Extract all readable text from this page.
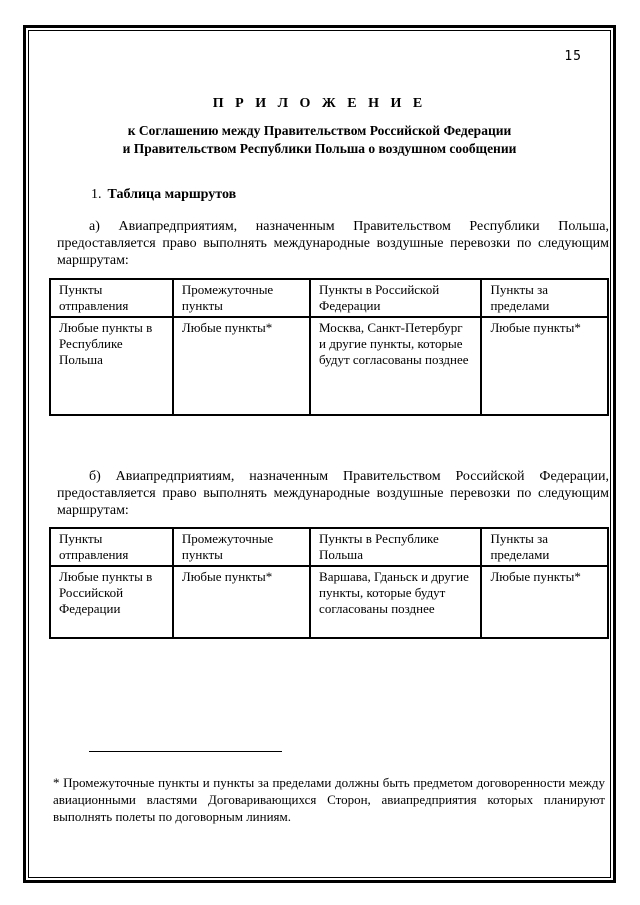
15
П Р И Л О Ж Е Н И Е
к Соглашению между Правительством Российской Федерации
и Правительством Республики Польша о воздушном сообщении
1. Таблица маршрутов
а) Авиапредприятиям, назначенным Правительством Республики Польша, предоставляется право выполнять международные воздушные перевозки по следующим маршрутам:
Пункты отправления	Промежуточные пункты	Пункты в Российской Федерации	Пункты за пределами
Любые пункты в Республике Польша	Любые пункты*	Москва, Санкт-Петербург и другие пункты, которые будут согласованы позднее	Любые пункты*
б) Авиапредприятиям, назначенным Правительством Российской Федерации, предоставляется право выполнять международные воздушные перевозки по следующим маршрутам:
Пункты отправления	Промежуточные пункты	Пункты в Республике Польша	Пункты за пределами
Любые пункты в Российской Федерации	Любые пункты*	Варшава, Гданьск и другие пункты, которые будут согласованы позднее	Любые пункты*
* Промежуточные пункты и пункты за пределами должны быть предметом договоренности между авиационными властями Договаривающихся Сторон, авиапредприятия которых планируют выполнять полеты по договорным линиям.
